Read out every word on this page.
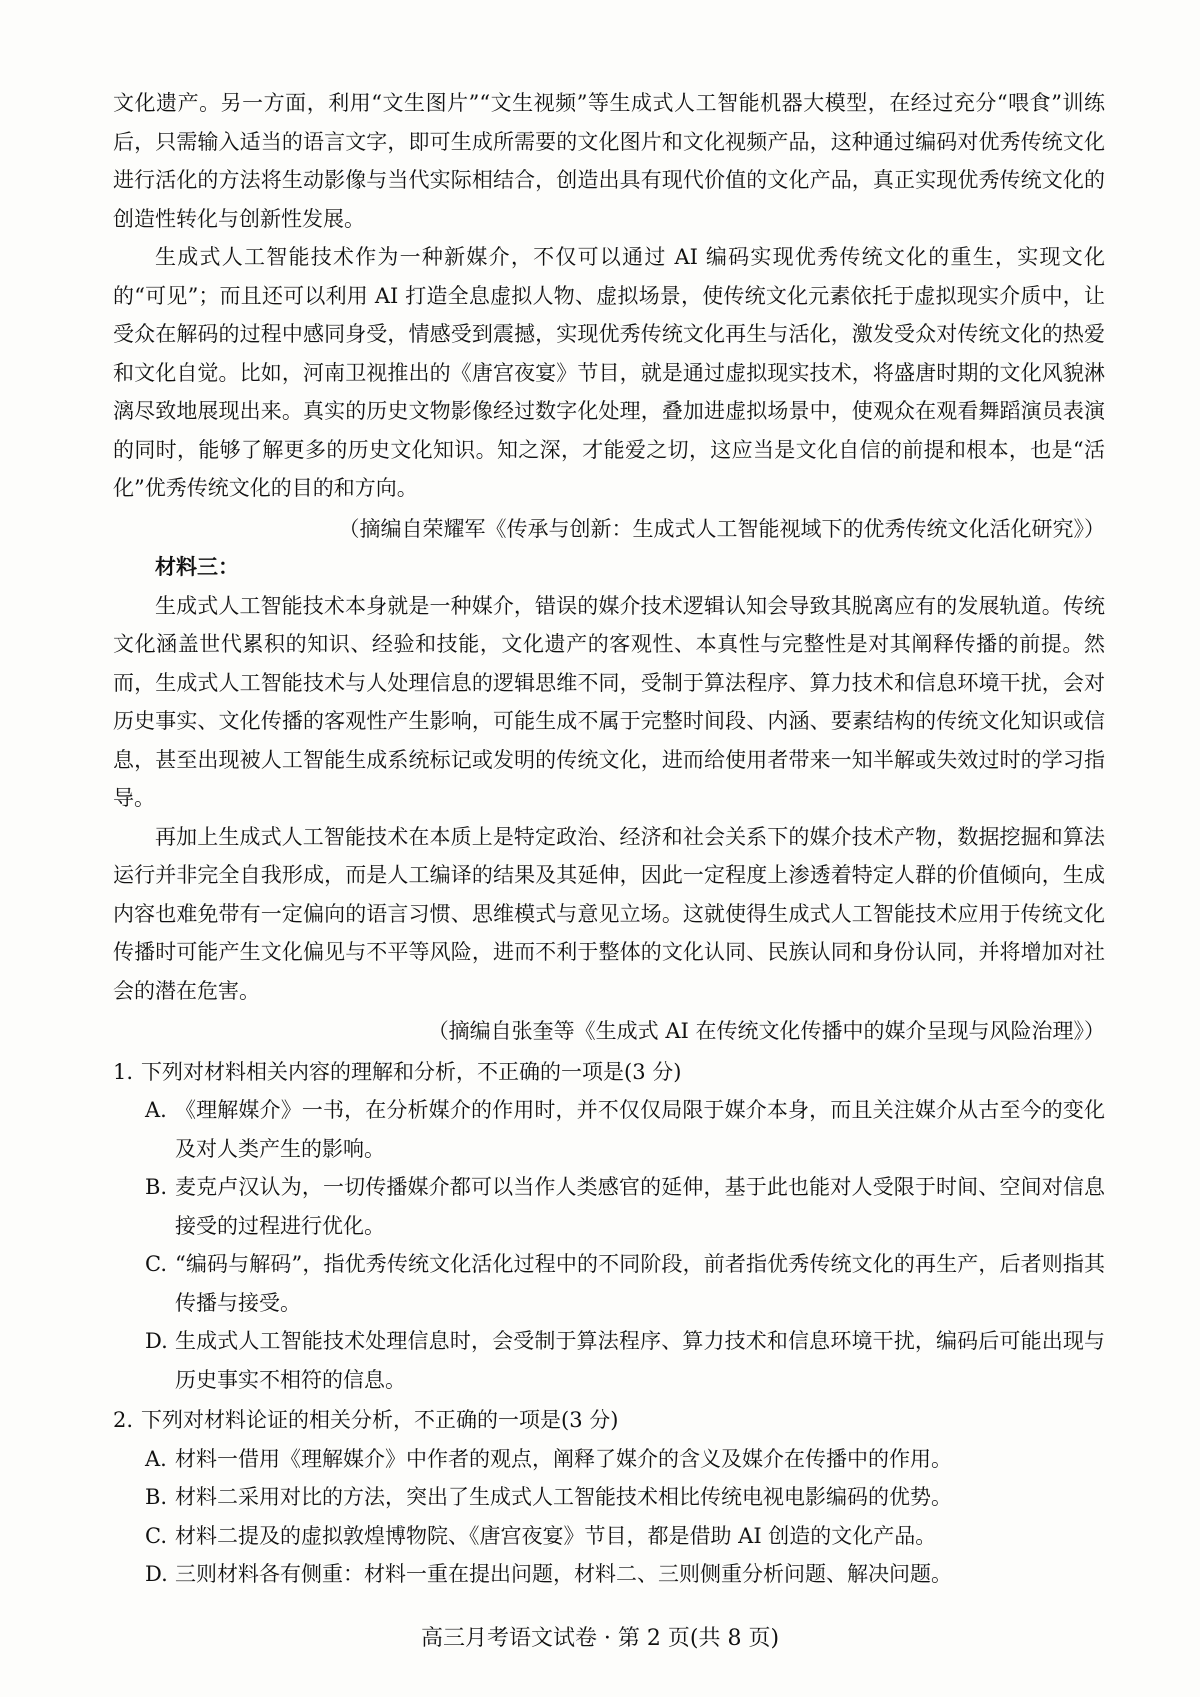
文化遗产。另一方面，利用“文生图片”“文生视频”等生成式人工智能机器大模型，在经过充分“喂食”训练后，只需输入适当的语言文字，即可生成所需要的文化图片和文化视频产品，这种通过编码对优秀传统文化进行活化的方法将生动影像与当代实际相结合，创造出具有现代价值的文化产品，真正实现优秀传统文化的创造性转化与创新性发展。

生成式人工智能技术作为一种新媒介，不仅可以通过 AI 编码实现优秀传统文化的重生，实现文化的“可见”；而且还可以利用 AI 打造全息虚拟人物、虚拟场景，使传统文化元素依托于虚拟现实介质中，让受众在解码的过程中感同身受，情感受到震撼，实现优秀传统文化再生与活化，激发受众对传统文化的热爱和文化自觉。比如，河南卫视推出的《唐宫夜宴》节目，就是通过虚拟现实技术，将盛唐时期的文化风貌淋漓尽致地展现出来。真实的历史文物影像经过数字化处理，叠加进虚拟场景中，使观众在观看舞蹈演员表演的同时，能够了解更多的历史文化知识。知之深，才能爱之切，这应当是文化自信的前提和根本，也是“活化”优秀传统文化的目的和方向。

（摘编自荣耀军《传承与创新：生成式人工智能视域下的优秀传统文化活化研究》）

材料三：

生成式人工智能技术本身就是一种媒介，错误的媒介技术逻辑认知会导致其脱离应有的发展轨道。传统文化涵盖世代累积的知识、经验和技能，文化遗产的客观性、本真性与完整性是对其阐释传播的前提。然而，生成式人工智能技术与人处理信息的逻辑思维不同，受制于算法程序、算力技术和信息环境干扰，会对历史事实、文化传播的客观性产生影响，可能生成不属于完整时间段、内涵、要素结构的传统文化知识或信息，甚至出现被人工智能生成系统标记或发明的传统文化，进而给使用者带来一知半解或失效过时的学习指导。

再加上生成式人工智能技术在本质上是特定政治、经济和社会关系下的媒介技术产物，数据挖掘和算法运行并非完全自我形成，而是人工编译的结果及其延伸，因此一定程度上渗透着特定人群的价值倾向，生成内容也难免带有一定偏向的语言习惯、思维模式与意见立场。这就使得生成式人工智能技术应用于传统文化传播时可能产生文化偏见与不平等风险，进而不利于整体的文化认同、民族认同和身份认同，并将增加对社会的潜在危害。

（摘编自张奎等《生成式 AI 在传统文化传播中的媒介呈现与风险治理》）

1. 下列对材料相关内容的理解和分析，不正确的一项是(3 分)

A. 《理解媒介》一书，在分析媒介的作用时，并不仅仅局限于媒介本身，而且关注媒介从古至今的变化及对人类产生的影响。

B. 麦克卢汉认为，一切传播媒介都可以当作人类感官的延伸，基于此也能对人受限于时间、空间对信息接受的过程进行优化。

C. “编码与解码”，指优秀传统文化活化过程中的不同阶段，前者指优秀传统文化的再生产，后者则指其传播与接受。

D. 生成式人工智能技术处理信息时，会受制于算法程序、算力技术和信息环境干扰，编码后可能出现与历史事实不相符的信息。

2. 下列对材料论证的相关分析，不正确的一项是(3 分)

A. 材料一借用《理解媒介》中作者的观点，阐释了媒介的含义及媒介在传播中的作用。

B. 材料二采用对比的方法，突出了生成式人工智能技术相比传统电视电影编码的优势。

C. 材料二提及的虚拟敦煌博物院、《唐宫夜宴》节目，都是借助 AI 创造的文化产品。

D. 三则材料各有侧重：材料一重在提出问题，材料二、三则侧重分析问题、解决问题。

高三月考语文试卷 · 第 2 页(共 8 页)
